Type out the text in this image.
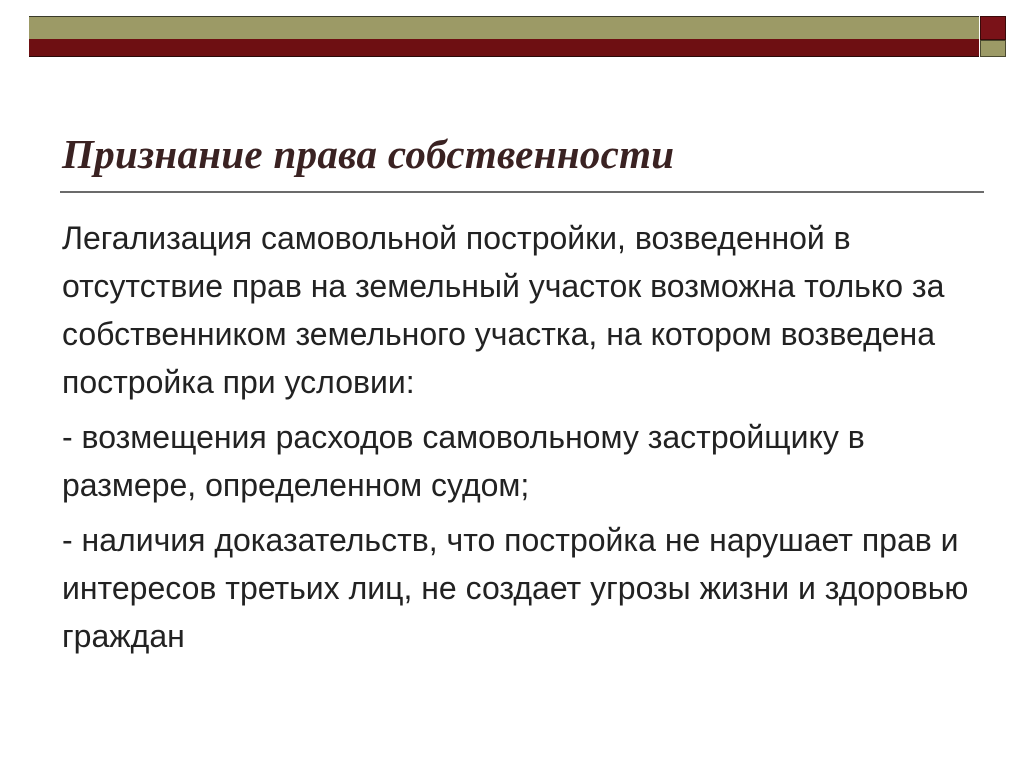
Признание права собственности

Легализация самовольной постройки, возведенной в отсутствие прав на земельный участок возможна только за собственником земельного участка, на котором возведена постройка при условии:

- возмещения расходов самовольному застройщику в размере, определенном судом;

- наличия доказательств, что постройка не нарушает прав и интересов третьих лиц, не создает угрозы жизни и здоровью граждан
